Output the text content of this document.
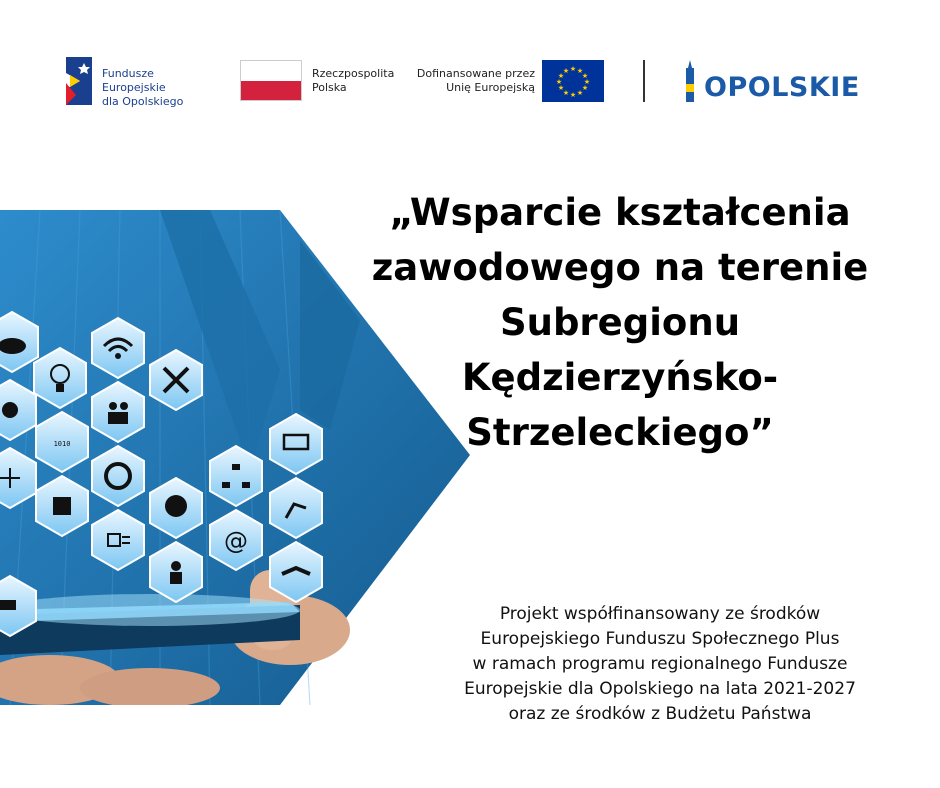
Fundusze Europejskie
dla Opolskiego
Rzeczpospolita
Polska
Dofinansowane przez
Unię Europejską
★ ★
★
★
★
★
★
★
★
★
★
★
OPOLSKIE
1010
@
„Wsparcie kształcenia
zawodowego na terenie
Subregionu
Kędzierzyńsko-
Strzeleckiego”
Projekt współfinansowany ze środków
Europejskiego Funduszu Społecznego Plus
w ramach programu regionalnego Fundusze
Europejskie dla Opolskiego na lata 2021-2027
oraz ze środków z Budżetu Państwa
